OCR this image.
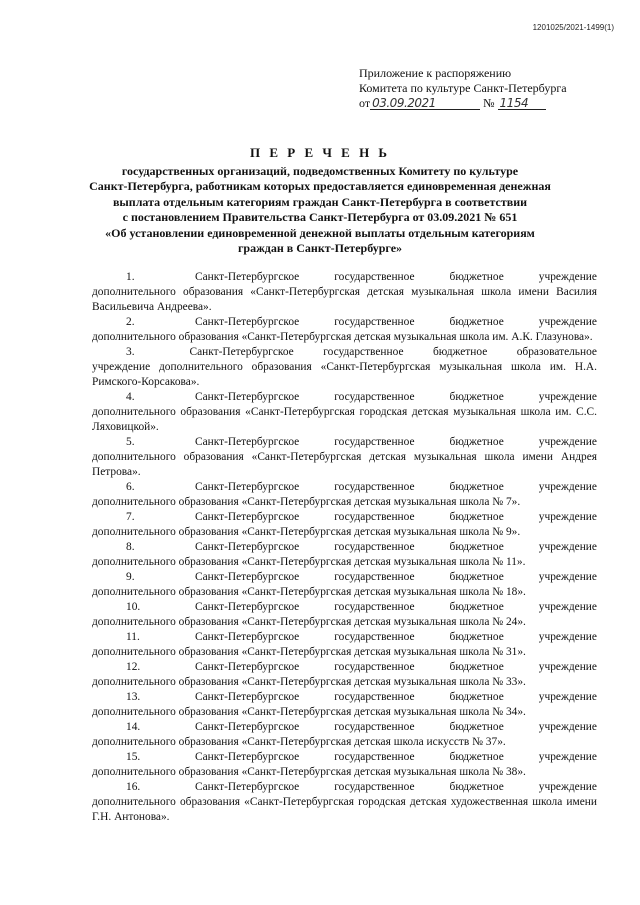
1201025/2021-1499(1)
Приложение к распоряжению
Комитета по культуре Санкт-Петербурга
от 03.09.2021	№ 1154
П Е Р Е Ч Е Н Ь
государственных организаций, подведомственных Комитету по культуре
Санкт-Петербурга, работникам которых предоставляется единовременная денежная
выплата отдельным категориям граждан Санкт-Петербурга в соответствии
с постановлением Правительства Санкт-Петербурга от 03.09.2021 № 651
«Об установлении единовременной денежной выплаты отдельным категориям
граждан в Санкт-Петербурге»
1.	Санкт-Петербургское	государственное	бюджетное	учреждение
дополнительного образования «Санкт-Петербургская детская музыкальная школа имени Василия Васильевича Андреева».
2.	Санкт-Петербургское	государственное	бюджетное	учреждение
дополнительного образования «Санкт-Петербургская детская музыкальная школа им. А.К. Глазунова».
3.	Санкт-Петербургское	государственное	бюджетное	образовательное
учреждение дополнительного образования «Санкт-Петербургская музыкальная школа им. Н.А. Римского-Корсакова».
4.	Санкт-Петербургское	государственное	бюджетное	учреждение
дополнительного образования «Санкт-Петербургская городская детская музыкальная школа им. С.С. Ляховицкой».
5.	Санкт-Петербургское	государственное	бюджетное	учреждение
дополнительного образования «Санкт-Петербургская детская музыкальная школа имени Андрея Петрова».
6.	Санкт-Петербургское	государственное	бюджетное	учреждение
дополнительного образования «Санкт-Петербургская детская музыкальная школа № 7».
7.	Санкт-Петербургское	государственное	бюджетное	учреждение
дополнительного образования «Санкт-Петербургская детская музыкальная школа № 9».
8.	Санкт-Петербургское	государственное	бюджетное	учреждение
дополнительного образования «Санкт-Петербургская детская музыкальная школа № 11».
9.	Санкт-Петербургское	государственное	бюджетное	учреждение
дополнительного образования «Санкт-Петербургская детская музыкальная школа № 18».
10.	Санкт-Петербургское	государственное	бюджетное	учреждение
дополнительного образования «Санкт-Петербургская детская музыкальная школа № 24».
11.	Санкт-Петербургское	государственное	бюджетное	учреждение
дополнительного образования «Санкт-Петербургская детская музыкальная школа № 31».
12.	Санкт-Петербургское	государственное	бюджетное	учреждение
дополнительного образования «Санкт-Петербургская детская музыкальная школа № 33».
13.	Санкт-Петербургское	государственное	бюджетное	учреждение
дополнительного образования «Санкт-Петербургская детская музыкальная школа № 34».
14.	Санкт-Петербургское	государственное	бюджетное	учреждение
дополнительного образования «Санкт-Петербургская детская школа искусств № 37».
15.	Санкт-Петербургское	государственное	бюджетное	учреждение
дополнительного образования «Санкт-Петербургская детская музыкальная школа № 38».
16.	Санкт-Петербургское	государственное	бюджетное	учреждение
дополнительного образования «Санкт-Петербургская городская детская художественная школа имени Г.Н. Антонова».
